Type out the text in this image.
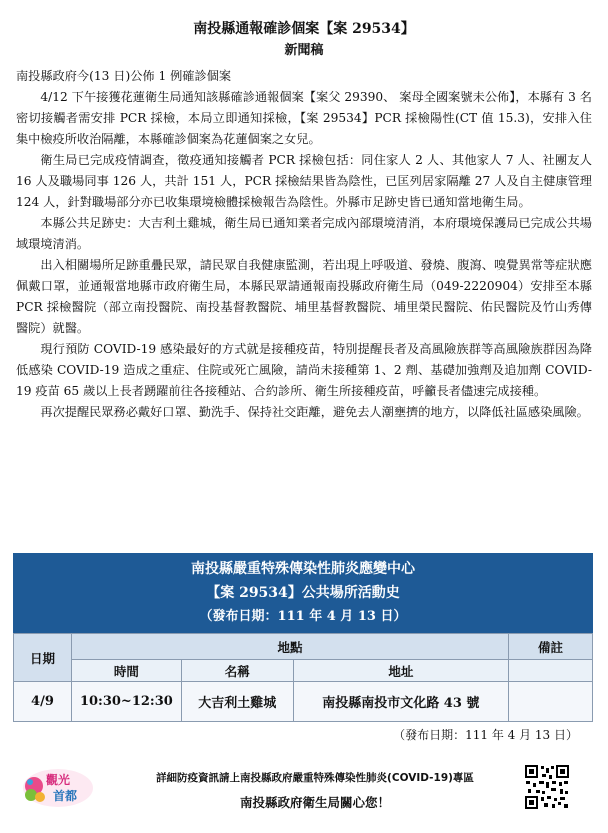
南投縣通報確診個案【案 29534】
新聞稿

南投縣政府今(13 日)公佈 1 例確診個案

4/12 下午接獲花蓮衛生局通知該縣確診通報個案【案父 29390、 案母全國案號未公佈】，本縣有 3 名密切接觸者需安排 PCR 採檢，本局立即通知採檢，【案 29534】PCR 採檢陽性(CT 值 15.3)，安排入住集中檢疫所收治隔離，本縣確診個案為花蓮個案之女兒。

衛生局已完成疫情調查，徵疫通知接觸者 PCR 採檢包括：同住家人 2 人、其他家人 7 人、社團友人 16 人及職場同事 126 人，共計 151 人，PCR 採檢結果皆為陰性，已匡列居家隔離 27 人及自主健康管理 124 人，針對職場部分亦已收集環境檢體採檢報告為陰性。外縣市足跡史皆已通知當地衛生局。

本縣公共足跡史：大吉利土雞城，衛生局已通知業者完成內部環境清消，本府環境保護局已完成公共場域環境清消。

出入相關場所足跡重疊民眾，請民眾自我健康監測，若出現上呼吸道、發燒、腹瀉、嗅覺異常等症狀應佩戴口罩，並通報當地縣市政府衛生局，本縣民眾請通報南投縣政府衛生局（049-2220904）安排至本縣 PCR 採檢醫院（部立南投醫院、南投基督教醫院、埔里基督教醫院、埔里榮民醫院、佑民醫院及竹山秀傳醫院）就醫。

現行預防 COVID-19 感染最好的方式就是接種疫苗，特別提醒長者及高風險族群等高風險族群因為降低感染 COVID-19 造成之重症、住院或死亡風險，請尚未接種第 1、2 劑、基礎加強劑及追加劑 COVID-19 疫苗 65 歲以上長者踴躍前往各接種站、合約診所、衛生所接種疫苗，呼籲長者儘速完成接種。

再次提醒民眾務必戴好口罩、勤洗手、保持社交距離，避免去人潮壅擠的地方，以降低社區感染風險。

南投縣嚴重特殊傳染性肺炎應變中心
【案 29534】公共場所活動史
（發布日期：111 年 4 月 13 日）
日期	地點			備註
	時間	名稱	地址	
4/9	10:30~12:30	大吉利土雞城	南投縣南投市文化路 43 號	
（發布日期：111 年 4 月 13 日）
觀光
首都
詳細防疫資訊請上南投縣政府嚴重特殊傳染性肺炎(COVID-19)專區
南投縣政府衛生局關心您！
